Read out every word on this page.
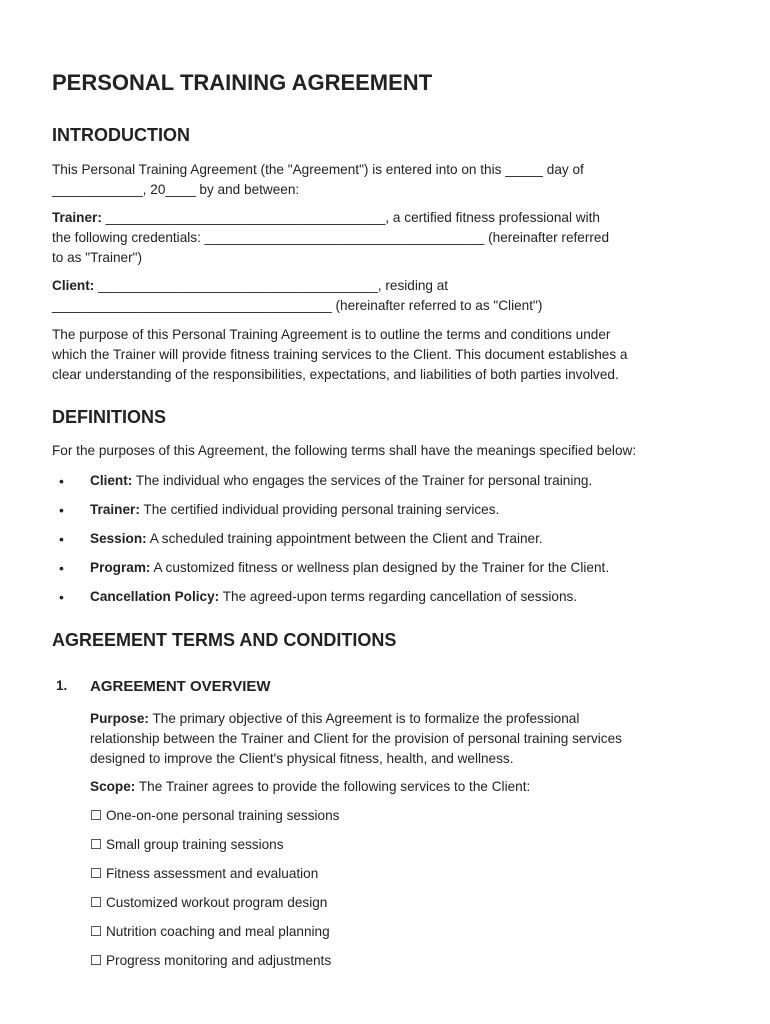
PERSONAL TRAINING AGREEMENT
INTRODUCTION
This Personal Training Agreement (the "Agreement") is entered into on this _____ day of
____________, 20____ by and between:
Trainer: _____________________________________, a certified fitness professional with
the following credentials: _____________________________________ (hereinafter referred
to as "Trainer")
Client: _____________________________________, residing at
_____________________________________ (hereinafter referred to as "Client")
The purpose of this Personal Training Agreement is to outline the terms and conditions under
which the Trainer will provide fitness training services to the Client. This document establishes a
clear understanding of the responsibilities, expectations, and liabilities of both parties involved.
DEFINITIONS
For the purposes of this Agreement, the following terms shall have the meanings specified below:
• Client: The individual who engages the services of the Trainer for personal training.
• Trainer: The certified individual providing personal training services.
• Session: A scheduled training appointment between the Client and Trainer.
• Program: A customized fitness or wellness plan designed by the Trainer for the Client.
• Cancellation Policy: The agreed-upon terms regarding cancellation of sessions.
AGREEMENT TERMS AND CONDITIONS
1. AGREEMENT OVERVIEW
Purpose: The primary objective of this Agreement is to formalize the professional
relationship between the Trainer and Client for the provision of personal training services
designed to improve the Client's physical fitness, health, and wellness.
Scope: The Trainer agrees to provide the following services to the Client:
☐ One-on-one personal training sessions
☐ Small group training sessions
☐ Fitness assessment and evaluation
☐ Customized workout program design
☐ Nutrition coaching and meal planning
☐ Progress monitoring and adjustments
